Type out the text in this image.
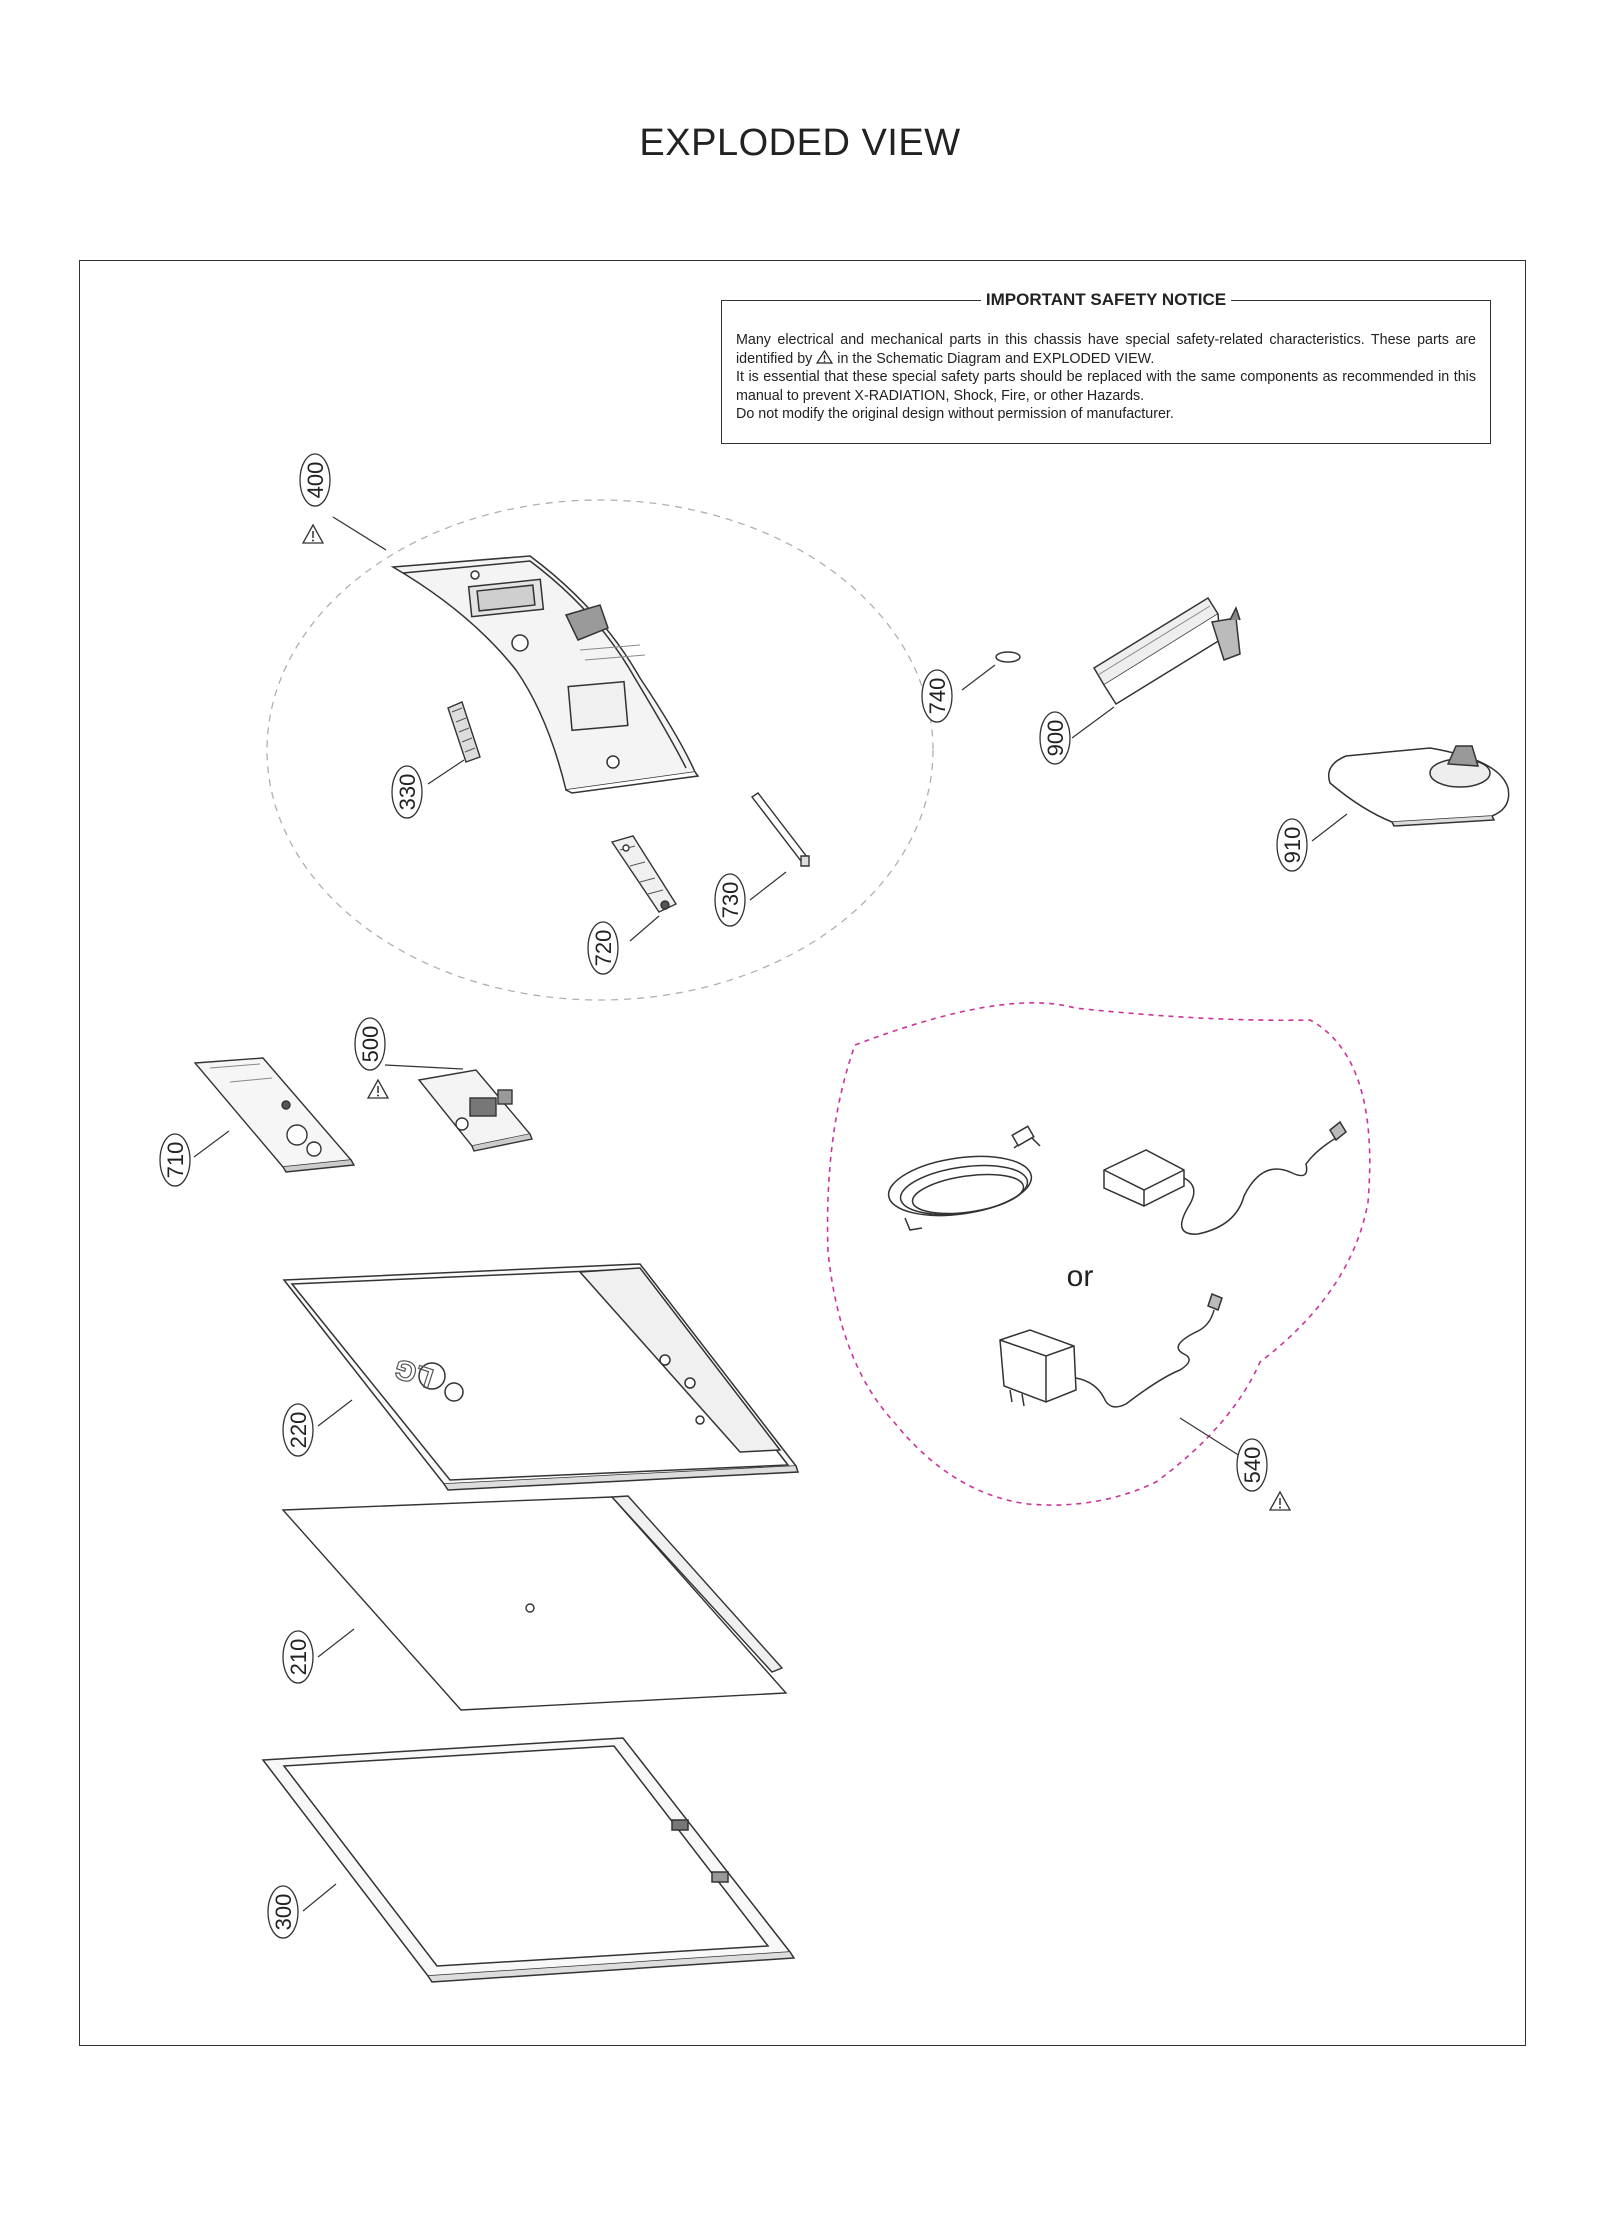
EXPLODED VIEW
IMPORTANT SAFETY NOTICE
Many electrical and mechanical parts in this chassis have special safety-related characteristics. These parts are identified by in the Schematic Diagram and EXPLODED VIEW.
It is essential that these special safety parts should be replaced with the same components as recommended in this manual to prevent X-RADIATION, Shock, Fire, or other Hazards.
Do not modify the original design without permission of manufacturer.
LG
400
330
720
730
740
900
910
500
710
220
210
300
540
or
